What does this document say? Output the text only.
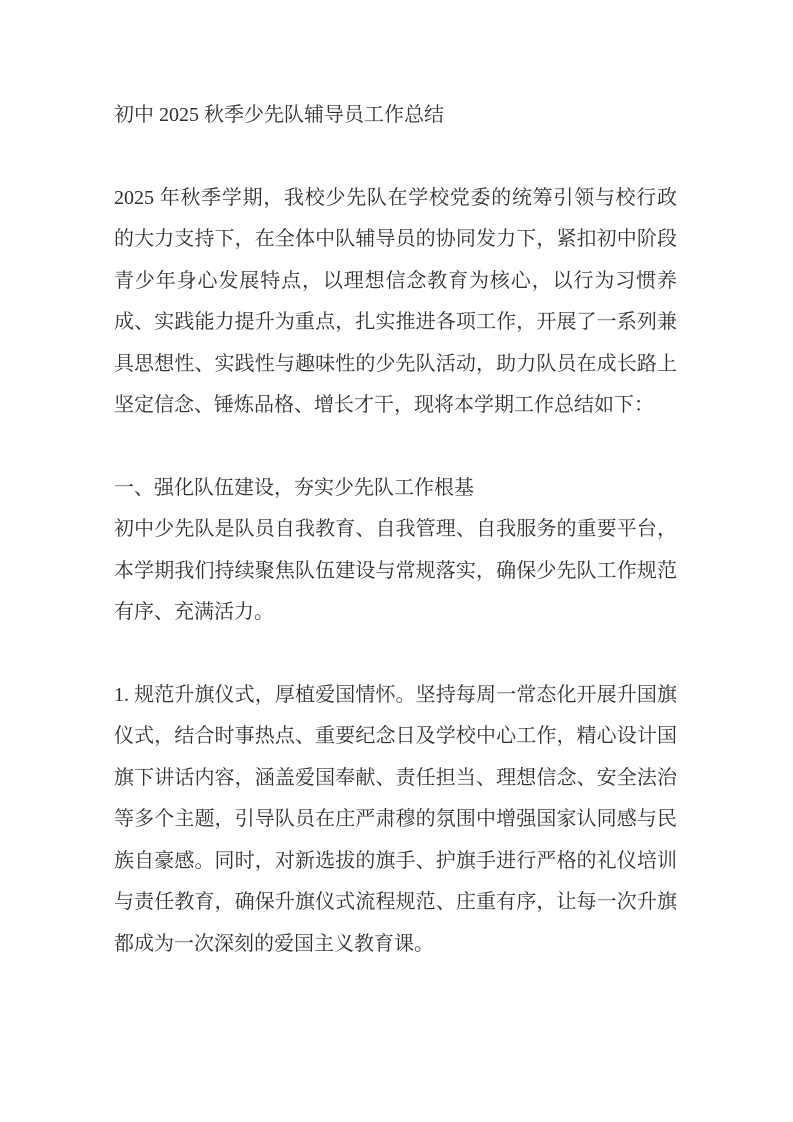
初中 2025 秋季少先队辅导员工作总结

2025 年秋季学期，我校少先队在学校党委的统筹引领与校行政的大力支持下，在全体中队辅导员的协同发力下，紧扣初中阶段青少年身心发展特点，以理想信念教育为核心，以行为习惯养成、实践能力提升为重点，扎实推进各项工作，开展了一系列兼具思想性、实践性与趣味性的少先队活动，助力队员在成长路上坚定信念、锤炼品格、增长才干，现将本学期工作总结如下：

一、强化队伍建设，夯实少先队工作根基

初中少先队是队员自我教育、自我管理、自我服务的重要平台，本学期我们持续聚焦队伍建设与常规落实，确保少先队工作规范有序、充满活力。

1. 规范升旗仪式，厚植爱国情怀。坚持每周一常态化开展升国旗仪式，结合时事热点、重要纪念日及学校中心工作，精心设计国旗下讲话内容，涵盖爱国奉献、责任担当、理想信念、安全法治等多个主题，引导队员在庄严肃穆的氛围中增强国家认同感与民族自豪感。同时，对新选拔的旗手、护旗手进行严格的礼仪培训与责任教育，确保升旗仪式流程规范、庄重有序，让每一次升旗都成为一次深刻的爱国主义教育课。
